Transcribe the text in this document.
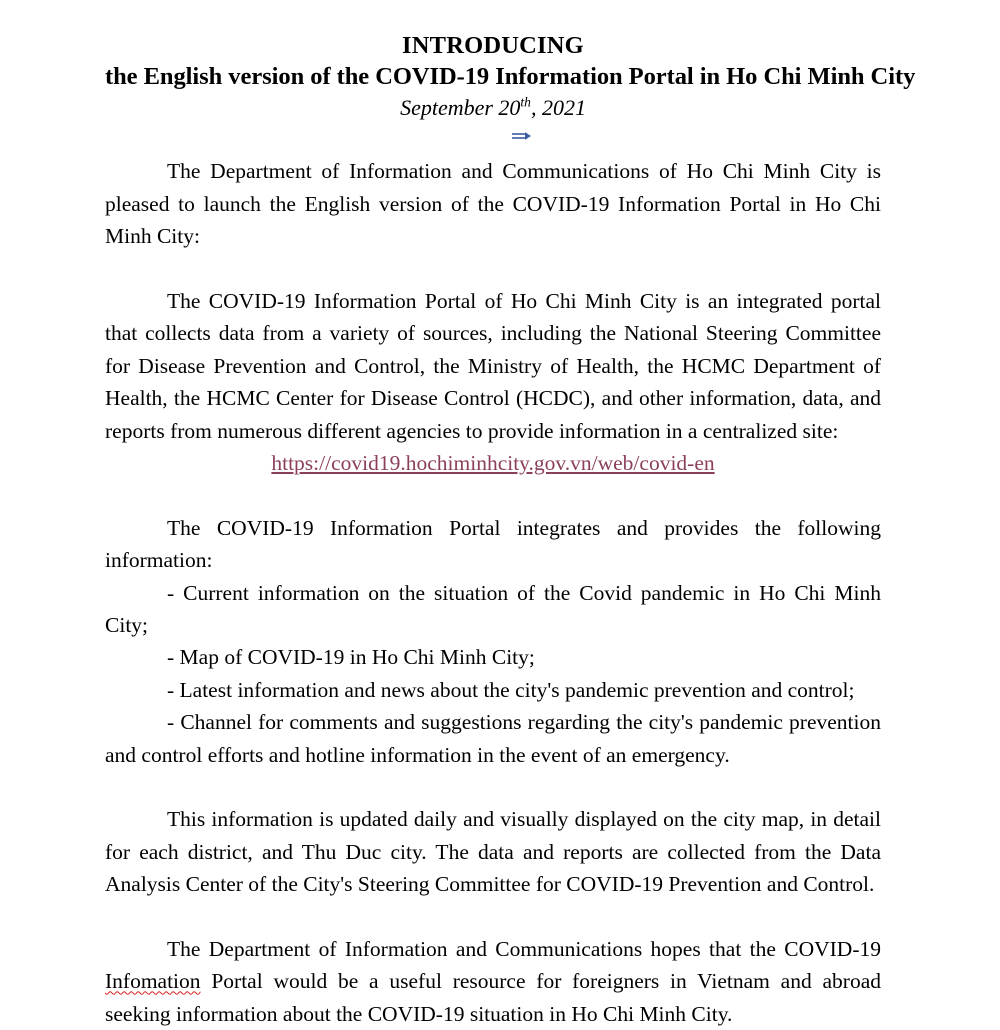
INTRODUCING
the English version of the COVID-19 Information Portal in Ho Chi Minh City
September 20th
, 2021

The Department of Information and Communications of Ho Chi Minh City is pleased to launch the English version of the COVID-19 Information Portal in Ho Chi Minh City:

The COVID-19 Information Portal of Ho Chi Minh City is an integrated portal that collects data from a variety of sources, including the National Steering Committee for Disease Prevention and Control, the Ministry of Health, the HCMC Department of Health, the HCMC Center for Disease Control (HCDC), and other information, data, and reports from numerous different agencies to provide information in a centralized site:

https://covid19.hochiminhcity.gov.vn/web/covid-en

The COVID-19 Information Portal integrates and provides the following information:

- Current information on the situation of the Covid pandemic in Ho Chi Minh City;

- Map of COVID-19 in Ho Chi Minh City;

- Latest information and news about the city's pandemic prevention and control;

- Channel for comments and suggestions regarding the city's pandemic prevention and control efforts and hotline information in the event of an emergency.

This information is updated daily and visually displayed on the city map, in detail for each district, and Thu Duc city. The data and reports are collected from the Data Analysis Center of the City's Steering Committee for COVID-19 Prevention and Control.

The Department of Information and Communications hopes that the COVID-19 Infomation Portal would be a useful resource for foreigners in Vietnam and abroad seeking information about the COVID-19 situation in Ho Chi Minh City.
